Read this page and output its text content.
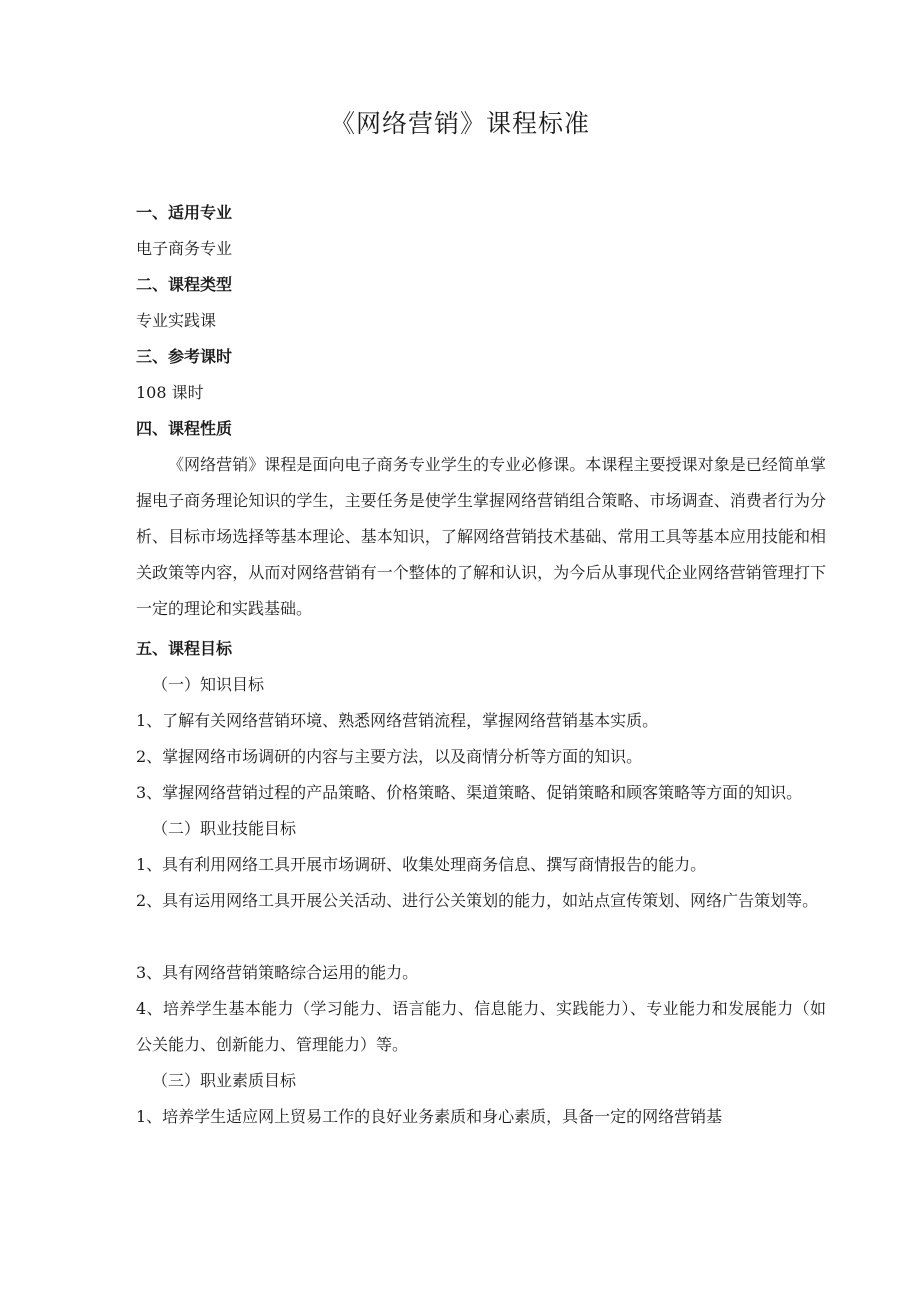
《网络营销》课程标准
一、适用专业
电子商务专业
二、课程类型
专业实践课
三、参考课时
108 课时
四、课程性质
《网络营销》课程是面向电子商务专业学生的专业必修课。本课程主要授课对象是已经简单掌握电子商务理论知识的学生，主要任务是使学生掌握网络营销组合策略、市场调查、消费者行为分析、目标市场选择等基本理论、基本知识，了解网络营销技术基础、常用工具等基本应用技能和相关政策等内容，从而对网络营销有一个整体的了解和认识，为今后从事现代企业网络营销管理打下一定的理论和实践基础。
五、课程目标
（一）知识目标
1、了解有关网络营销环境、熟悉网络营销流程，掌握网络营销基本实质。
2、掌握网络市场调研的内容与主要方法，以及商情分析等方面的知识。
3、掌握网络营销过程的产品策略、价格策略、渠道策略、促销策略和顾客策略等方面的知识。
（二）职业技能目标
1、具有利用网络工具开展市场调研、收集处理商务信息、撰写商情报告的能力。
2、具有运用网络工具开展公关活动、进行公关策划的能力，如站点宣传策划、网络广告策划等。
3、具有网络营销策略综合运用的能力。
4、培养学生基本能力（学习能力、语言能力、信息能力、实践能力）、专业能力和发展能力（如公关能力、创新能力、管理能力）等。
（三）职业素质目标
1、培养学生适应网上贸易工作的良好业务素质和身心素质，具备一定的网络营销基
